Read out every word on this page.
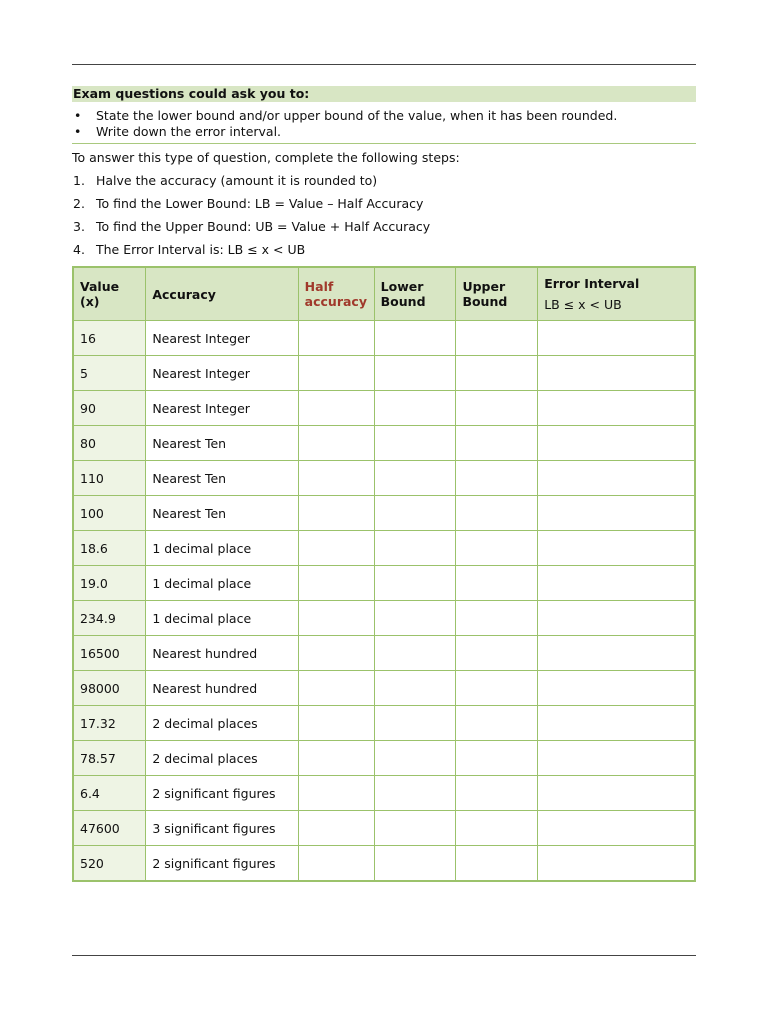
Exam questions could ask you to:
• State the lower bound and/or upper bound of the value, when it has been rounded.
• Write down the error interval.
To answer this type of question, complete the following steps:
1. Halve the accuracy (amount it is rounded to)
2. To find the Lower Bound: LB = Value – Half Accuracy
3. To find the Upper Bound: UB = Value + Half Accuracy
4. The Error Interval is: LB ≤ x < UB
Value (x)	Accuracy	Half accuracy	Lower Bound	Upper Bound	Error Interval
LB ≤ x < UB

16	Nearest Integer				
5	Nearest Integer				
90	Nearest Integer				
80	Nearest Ten				
110	Nearest Ten				
100	Nearest Ten				
18.6	1 decimal place				
19.0	1 decimal place				
234.9	1 decimal place				
16500	Nearest hundred				
98000	Nearest hundred				
17.32	2 decimal places				
78.57	2 decimal places				
6.4	2 significant figures				
47600	3 significant figures				
520	2 significant figures				
